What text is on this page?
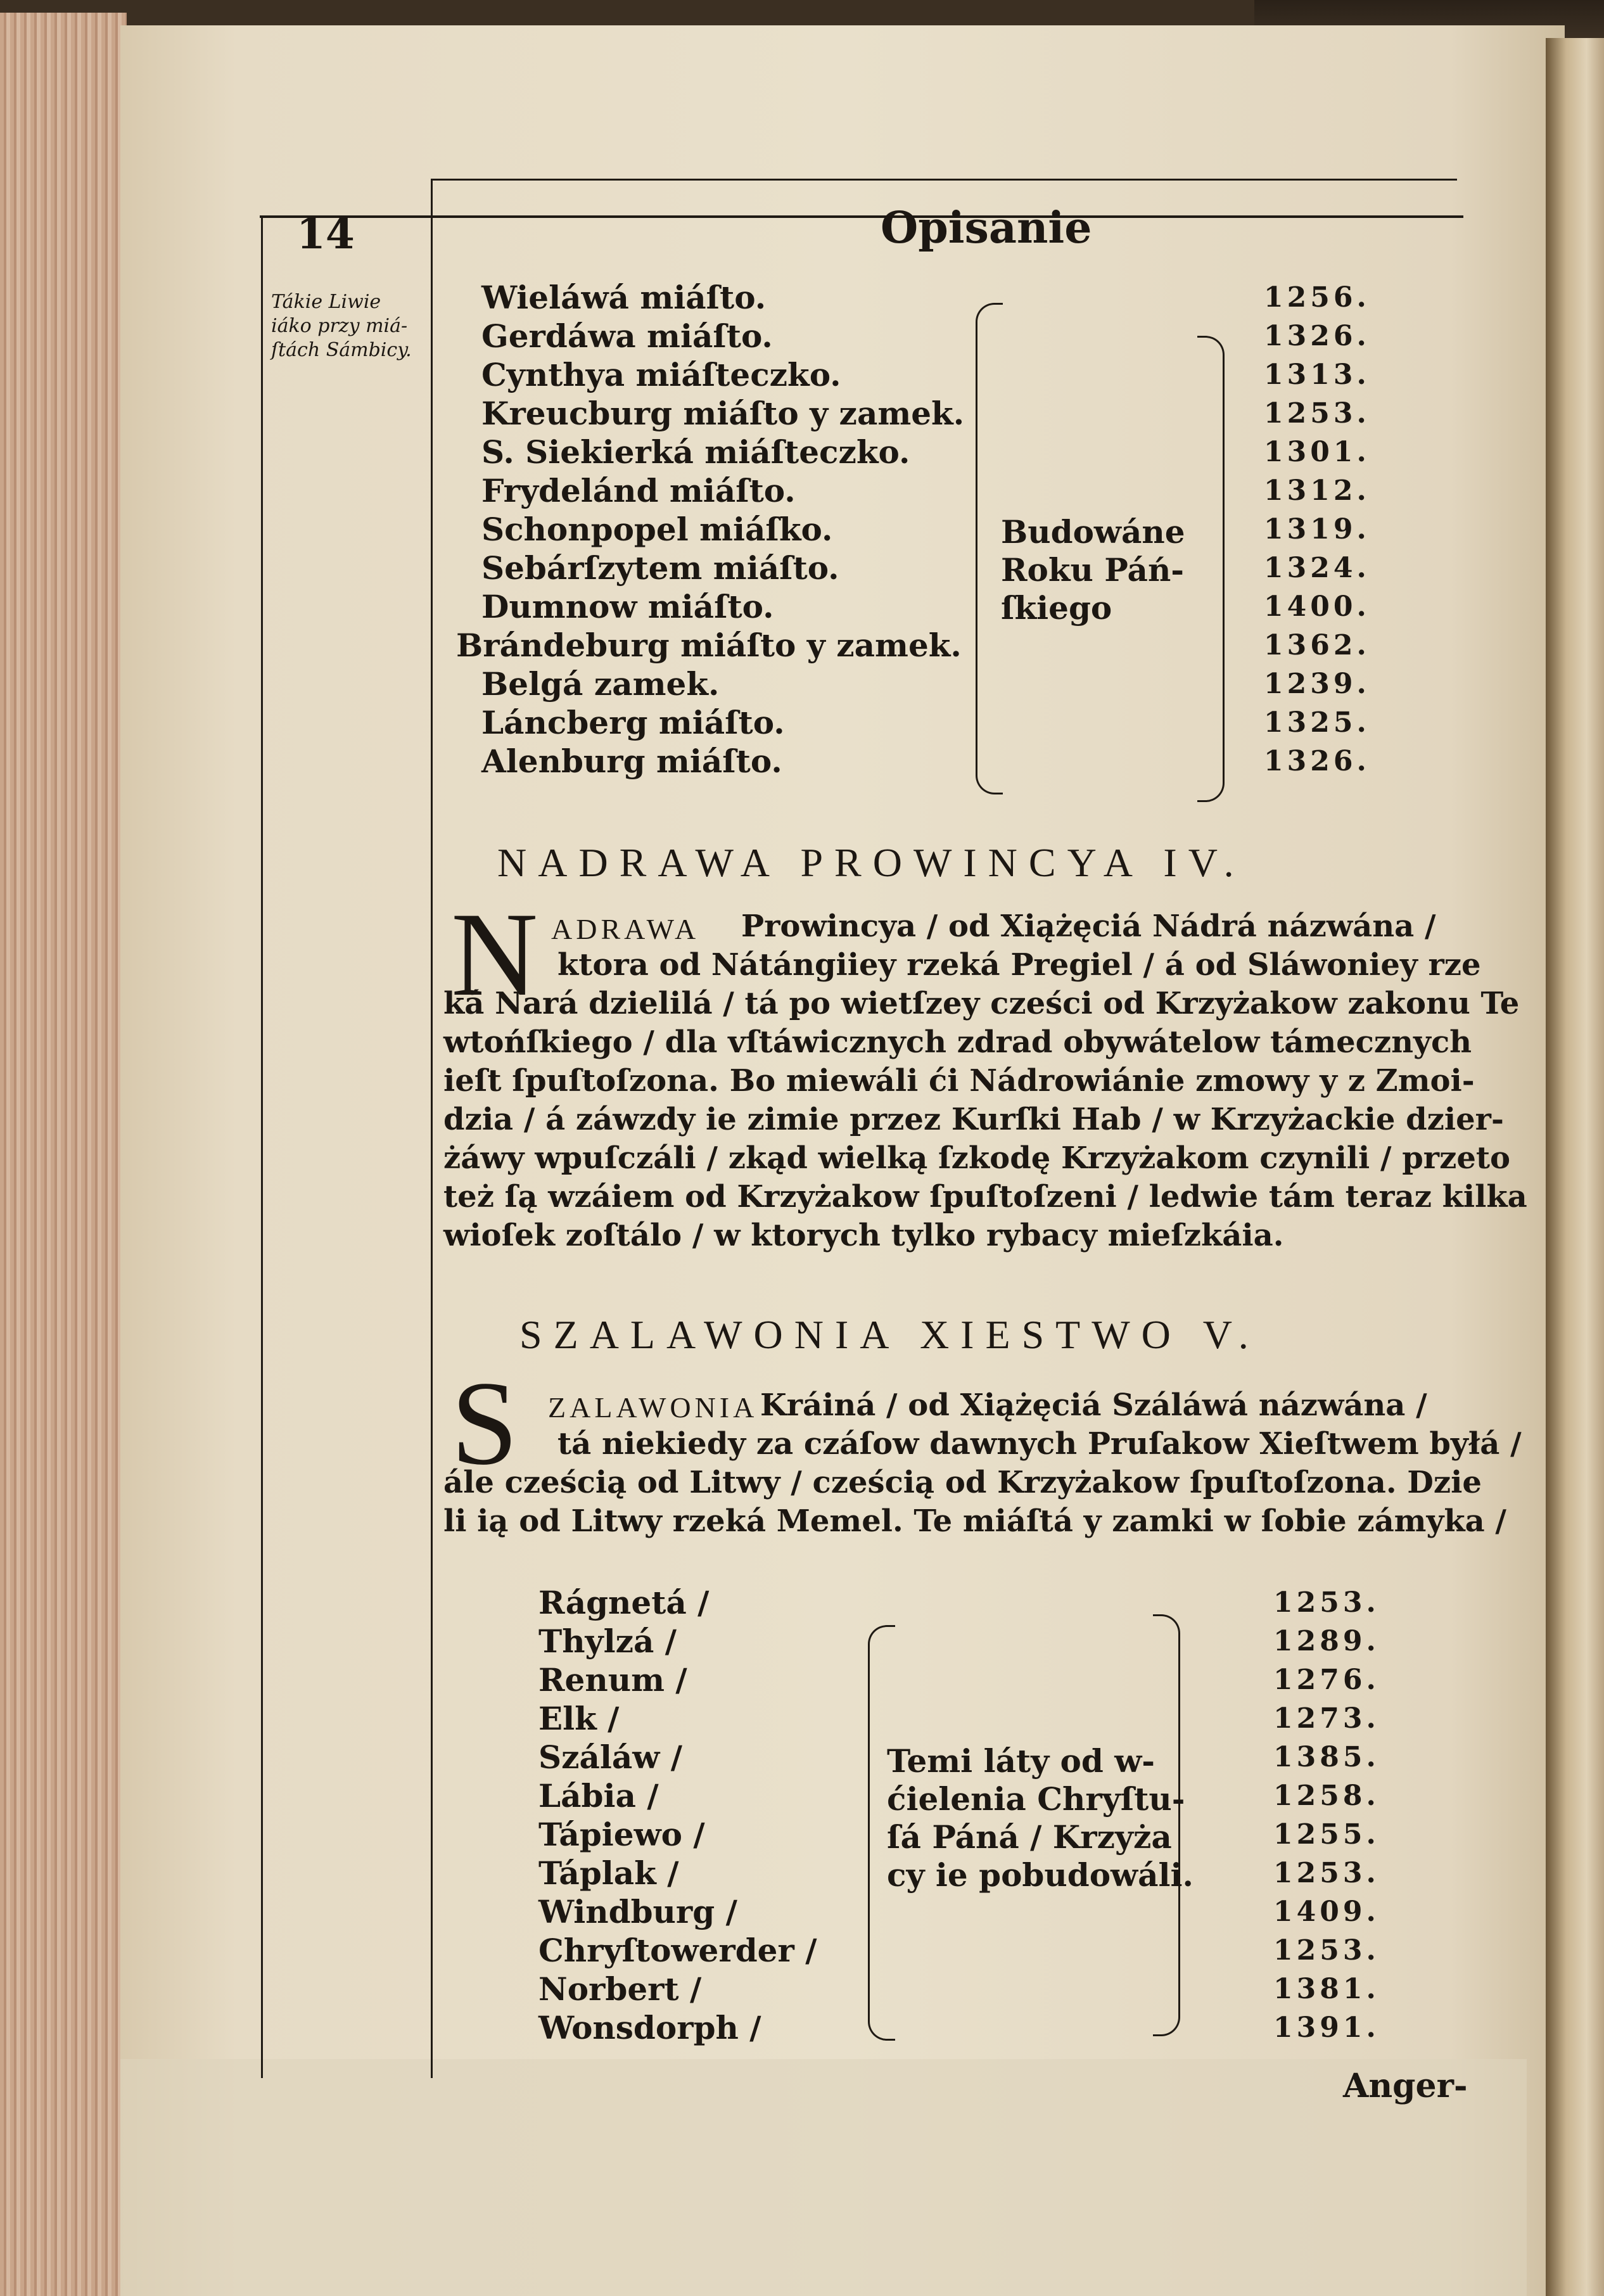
14	Opisanie
Tákie Liwie iáko przy miá-ſtách Sámbicy.
Wieláwá miáſto.	1256.
Gerdáwa miáſto.	1326.
Cynthya miáſteczko.	1313.
Kreucburg miáſto y zamek.	1253.
S. Siekierká miáſteczko.	1301.
Frydelánd miáſto.	1312.
Schonpopel miáſko.	1319.
Sebárſzytem miáſto.	1324.
Dumnow miáſto.	1400.
Brándeburg miáſto y zamek.	1362.
Belgá zamek.	1239.
Láncberg miáſto.	1325.
Alenburg miáſto.	1326.
Budowáne
Roku Páń-
ſkiego
NADRAWA PROWINCYA IV.
N ADRAWA Prowincya / od Xiążęciá Nádrá názwána /
ktora od Nátángiiey rzeká Pregiel / á od Sláwoniey rze
ká Nará dzielilá / tá po wietſzey cześci od Krzyżakow zakonu Te
wtońſkiego / dla vſtáwicznych zdrad obywátelow támecznych
ieſt ſpuſtoſzona. Bo miewáli ći Nádrowiánie zmowy y z Zmoi-
dzia / á záwzdy ie zimie przez Kurſki Hab / w Krzyżackie dzier-
żáwy wpuſczáli / zkąd wielką ſzkodę Krzyżakom czynili / przeto
też ſą wzáiem od Krzyżakow ſpuſtoſzeni / ledwie tám teraz kilka
wioſek zoſtálo / w ktorych tylko rybacy mieſzkáia.
SZALAWONIA XIESTWO V.
S ZALAWONIA Kráiná / od Xiążęciá Száláwá názwána /
tá niekiedy za czáſow dawnych Pruſakow Xieſtwem byłá /
ále cześcią od Litwy / cześcią od Krzyżakow ſpuſtoſzona. Dzie
li ią od Litwy rzeká Memel. Te miáſtá y zamki w ſobie zámyka /
Rágnetá /	1253.
Thylzá /	1289.
Renum /	1276.
Elk /	1273.
Száláw /	1385.
Lábia /	1258.
Tápiewo /	1255.
Táplak /	1253.
Windburg /	1409.
Chryſtowerder /	1253.
Norbert /	1381.
Wonsdorph /	1391.
Temi láty od w-
ćielenia Chryſtu-
ſá Páná / Krzyża
cy ie pobudowáli.
Anger-
